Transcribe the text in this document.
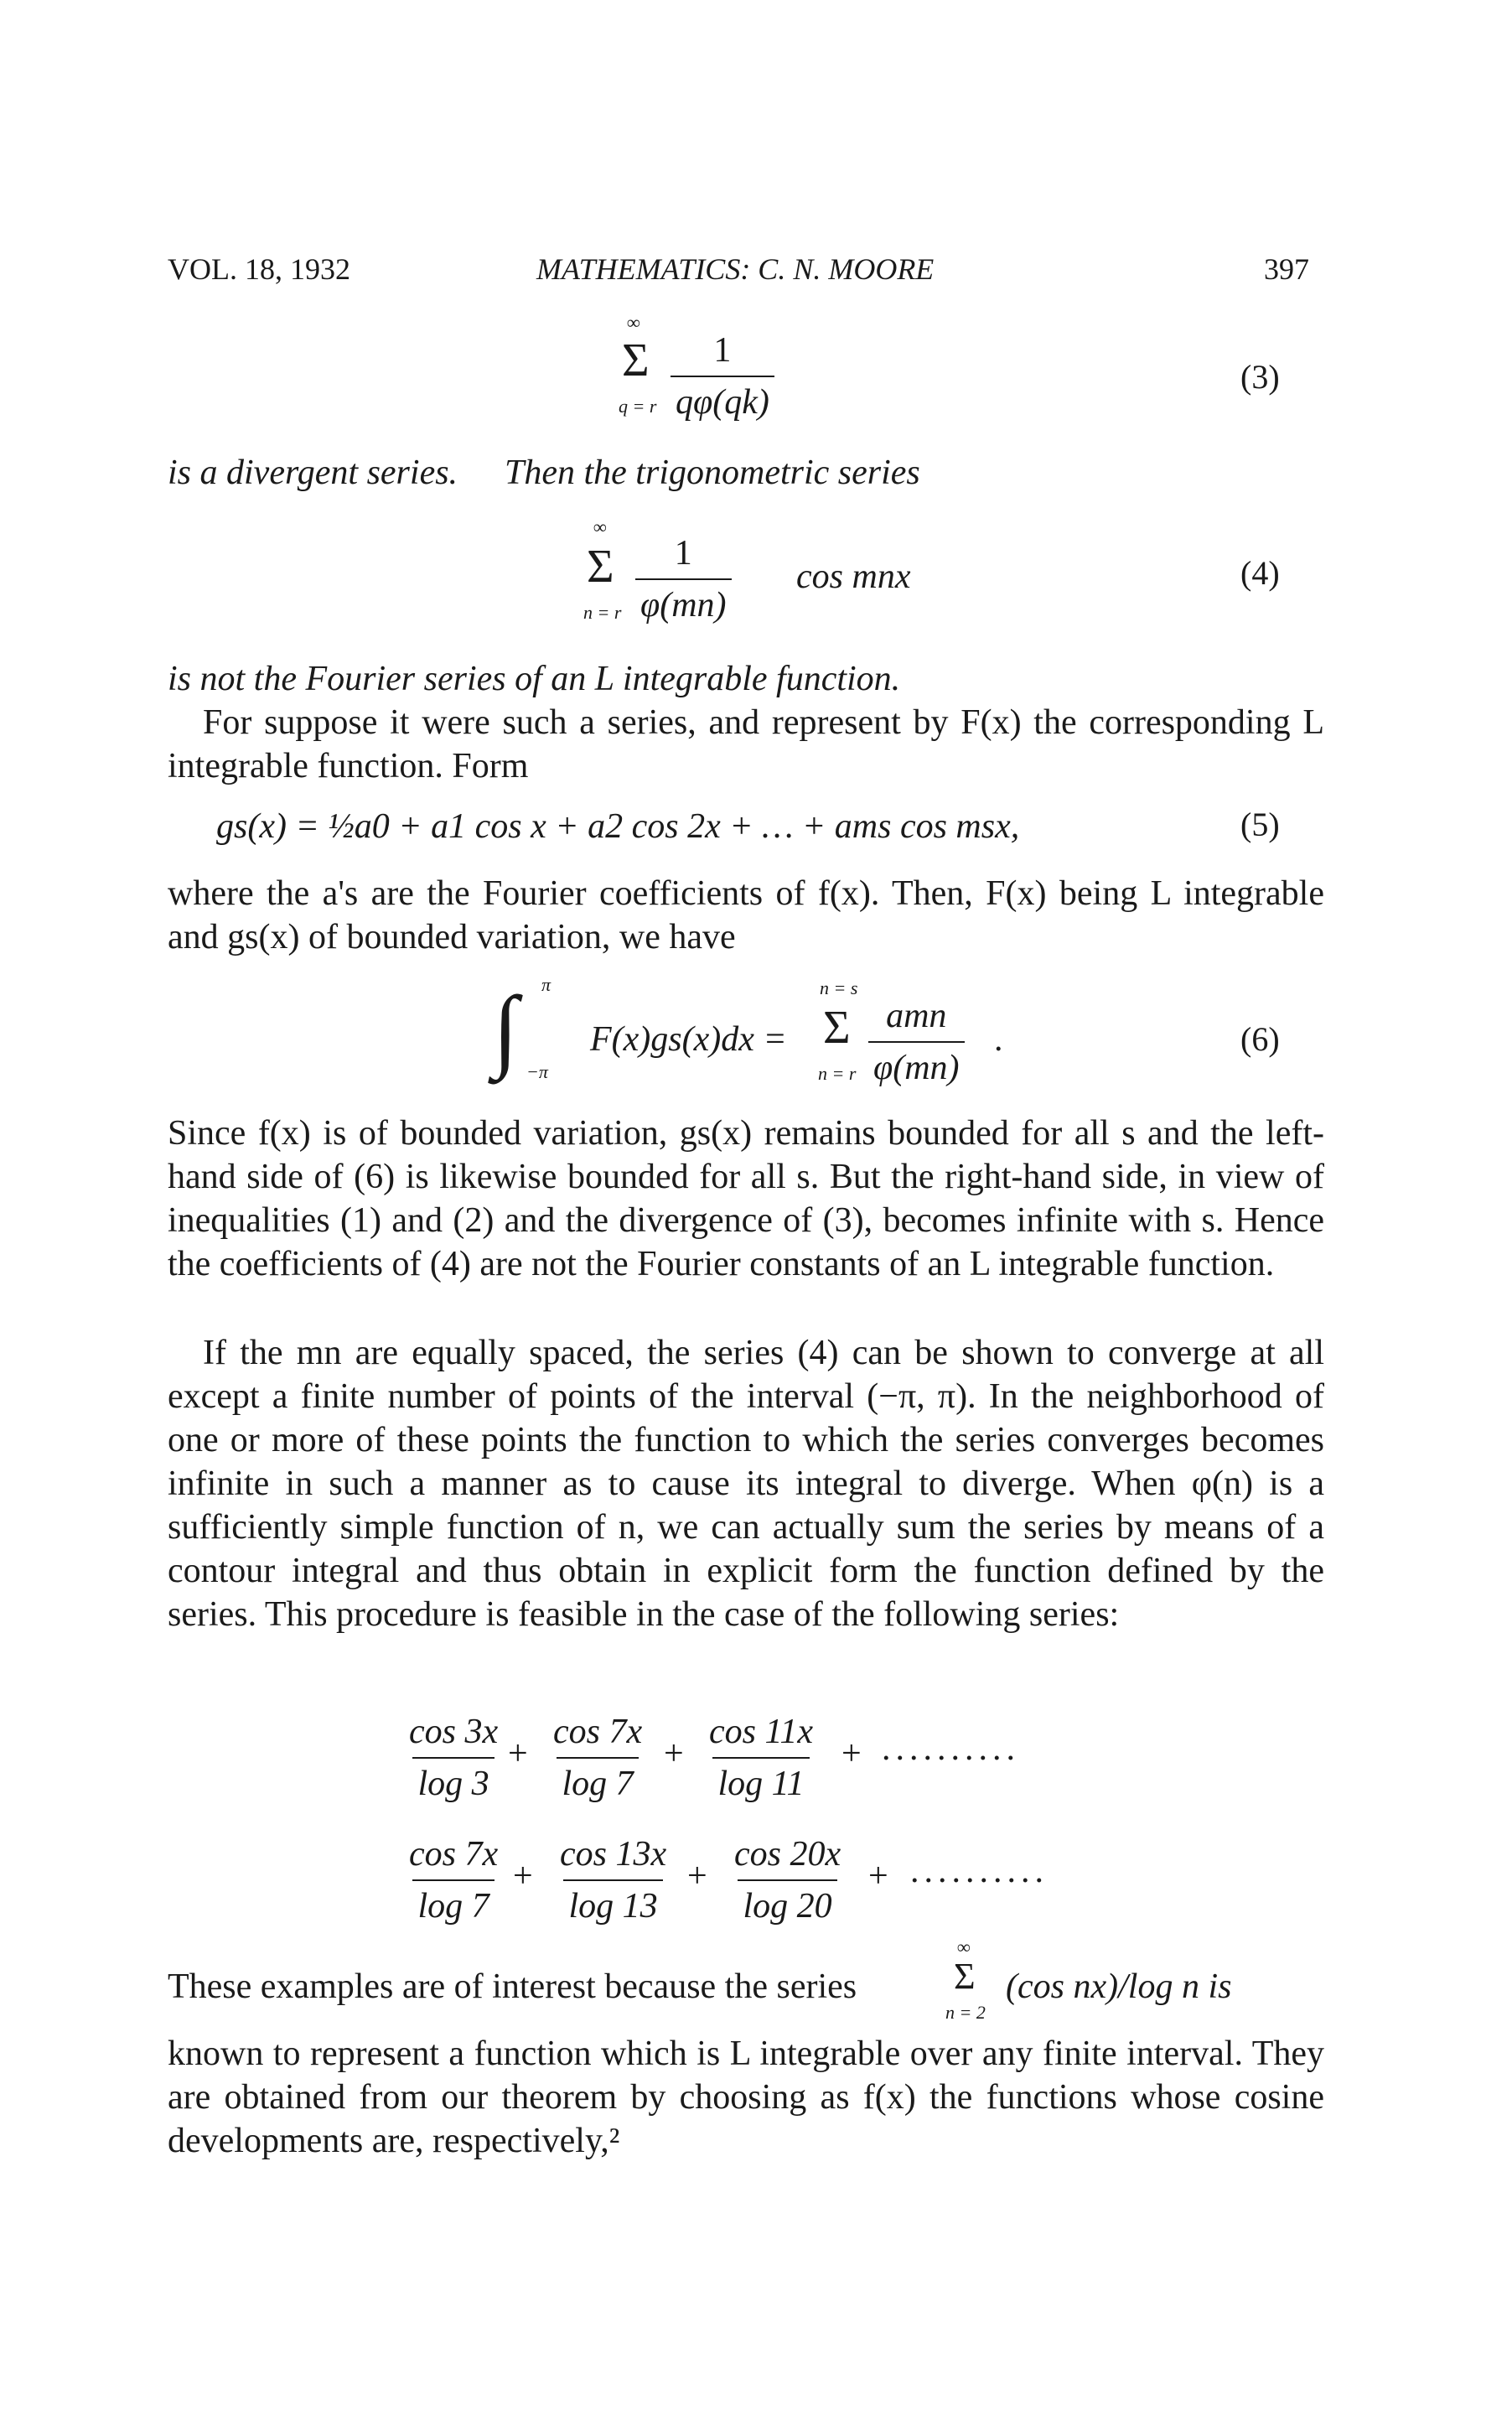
VOL. 18, 1932	MATHEMATICS: C. N. MOORE	397
∞
Σ
q = r $\frac{1}{q\varphi(qk)}$	(3)
is a divergent series. Then the trigonometric series
∞
Σ
n = r $\frac{1}{\varphi(mn)}$ cos mnx	(4)
is not the Fourier series of an L integrable function.
For suppose it were such a series, and represent by F(x) the corresponding L integrable function. Form
gs(x) = ½a0 + a1 cos x + a2 cos 2x + … + ams cos msx,	(5)
where the a's are the Fourier coefficients of f(x). Then, F(x) being L integrable and gs(x) of bounded variation, we have
∫ π
−π
F(x)gs(x)dx =
n = s
Σ
n = r
amn
φ(mn)
.	(6)
Since f(x) is of bounded variation, gs(x) remains bounded for all s and the left-hand side of (6) is likewise bounded for all s. But the right-hand side, in view of inequalities (1) and (2) and the divergence of (3), becomes infinite with s. Hence the coefficients of (4) are not the Fourier constants of an L integrable function.
If the mn are equally spaced, the series (4) can be shown to converge at all except a finite number of points of the interval (−π, π). In the neighborhood of one or more of these points the function to which the series converges becomes infinite in such a manner as to cause its integral to diverge. When φ(n) is a sufficiently simple function of n, we can actually sum the series by means of a contour integral and thus obtain in explicit form the function defined by the series. This procedure is feasible in the case of the following series:
$\frac{\cos 3x}{\log 3} + \frac{\cos 7x}{\log 7} + \frac{\cos 11x}{\log 11}$ + ..........
$\frac{\cos 7x}{\log 7} + \frac{\cos 13x}{\log 13} + \frac{\cos 20x}{\log 20}$ + ..........
These examples are of interest because the series
∞
Σ
n = 2
(cos nx)/log n is
known to represent a function which is L integrable over any finite interval. They are obtained from our theorem by choosing as f(x) the functions whose cosine developments are, respectively,²
